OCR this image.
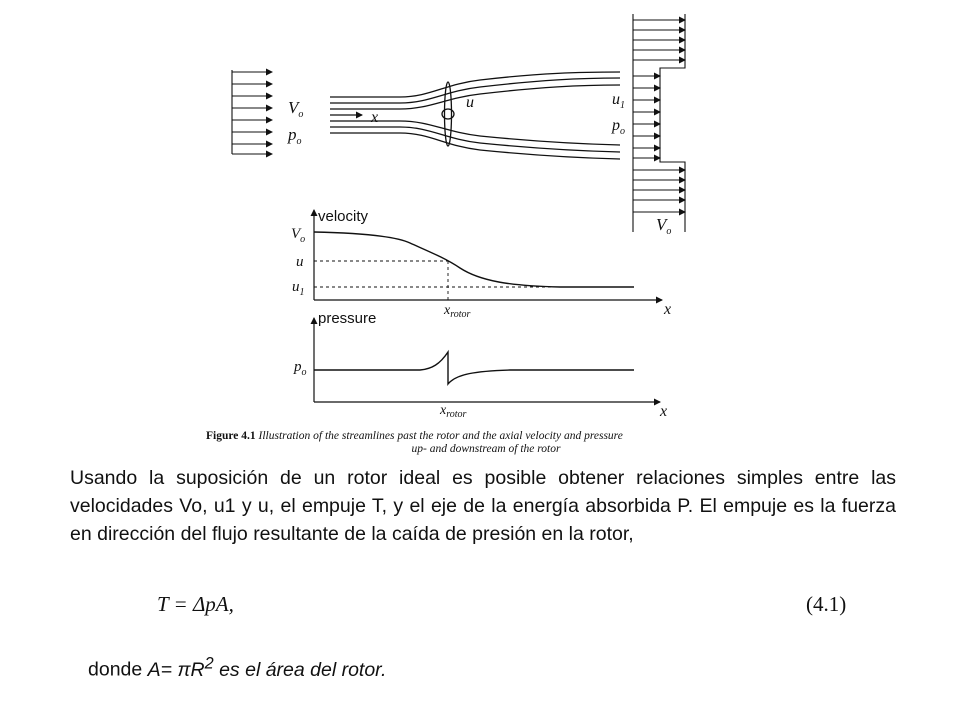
$V_o$
$p_o$
x
u	$u_1$
$p_o$
$V_o$
velocity
$V_o$
u
$u_1$
x
$x_{rotor}$
pressure
$p_o$
x
$x_{rotor}$
Figure 4.1 Illustration of the streamlines past the rotor and the axial velocity and pressure
up- and downstream of the rotor
Usando la suposición de un rotor ideal es posible obtener relaciones simples entre las velocidades Vo, u1 y u, el empuje T, y el eje de la energía absorbida P. El empuje es la fuerza en dirección del flujo resultante de la caída de presión en la rotor,
T = ΔpA,	(4.1)
donde $A= \pi R^2$ es el área del rotor.
